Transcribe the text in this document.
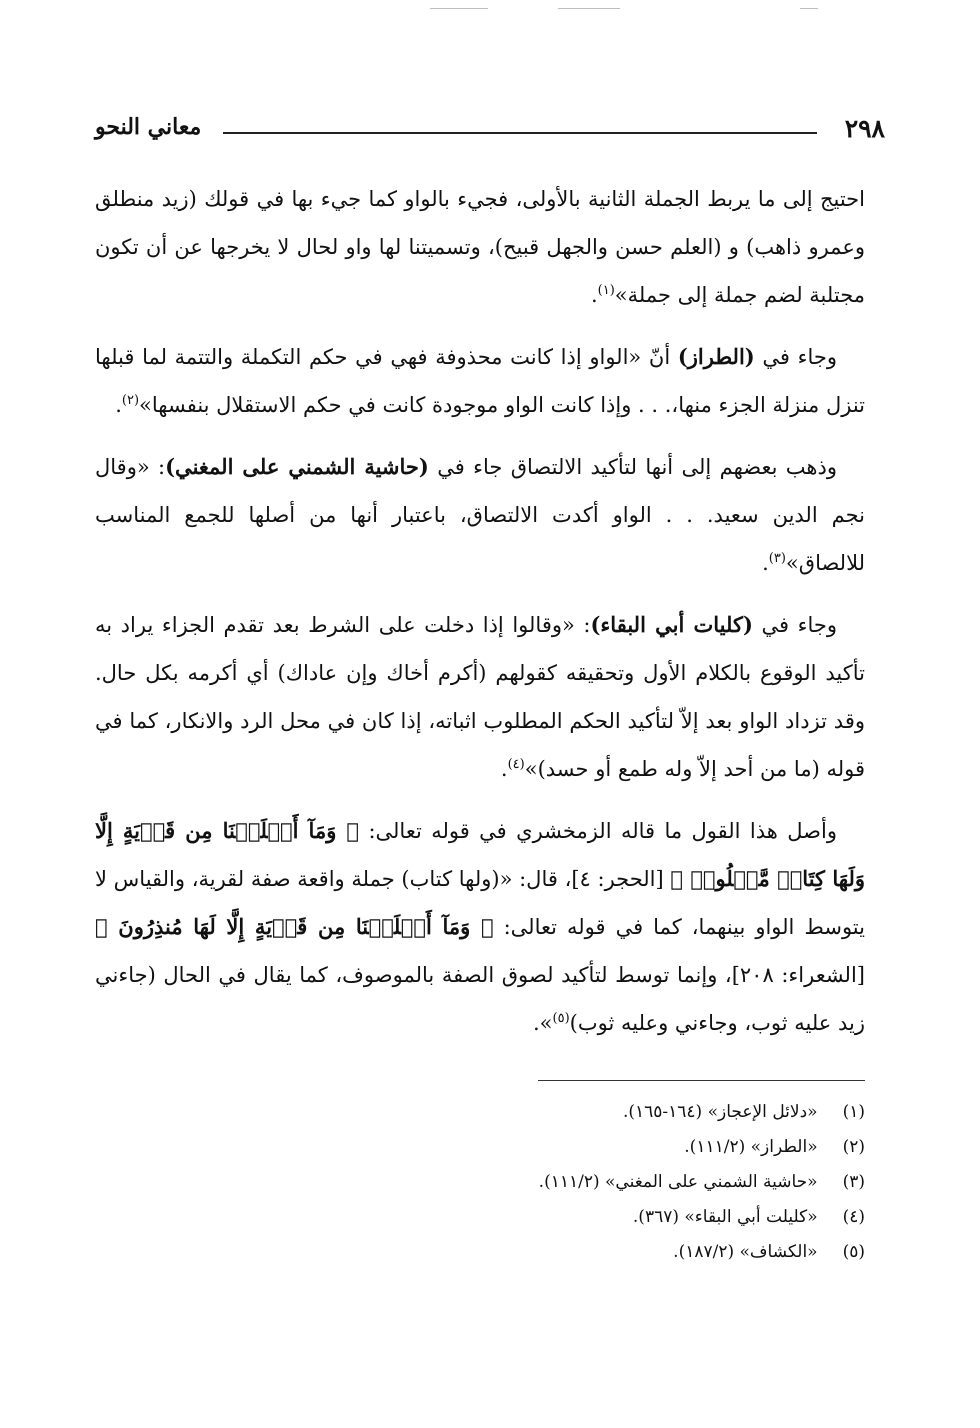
٢٩٨
معاني النحو

احتيج إلى ما يربط الجملة الثانية بالأولى، فجيء بالواو كما جيء بها في قولك (زيد منطلق وعمرو ذاهب) و (العلم حسن والجهل قبيح)، وتسميتنا لها واو لحال لا يخرجها عن أن تكون مجتلبة لضم جملة إلى جملة»$^{(١)}$.

وجاء في (الطراز) أنّ «الواو إذا كانت محذوفة فهي في حكم التكملة والتتمة لما قبلها تنزل منزلة الجزء منها،. . . وإذا كانت الواو موجودة كانت في حكم الاستقلال بنفسها»$^{(٢)}$.

وذهب بعضهم إلى أنها لتأكيد الالتصاق جاء في (حاشية الشمني على المغني): «وقال نجم الدين سعيد. . . الواو أكدت الالتصاق، باعتبار أنها من أصلها للجمع المناسب للالصاق»$^{(٣)}$.

وجاء في (كليات أبي البقاء): «وقالوا إذا دخلت على الشرط بعد تقدم الجزاء يراد به تأكيد الوقوع بالكلام الأول وتحقيقه كقولهم (أكرم أخاك وإن عاداك) أي أكرمه بكل حال. وقد تزداد الواو بعد إلاّ لتأكيد الحكم المطلوب اثباته، إذا كان في محل الرد والانكار، كما في قوله (ما من أحد إلاّ وله طمع أو حسد)»$^{(٤)}$.

وأصل هذا القول ما قاله الزمخشري في قوله تعالى: ﴿ وَمَآ أَهۡلَكۡنَا مِن قَرۡيَةٍ إِلَّا وَلَهَا كِتَابٞ مَّعۡلُومٞ ﴾ [الحجر: ٤]، قال: «(ولها كتاب) جملة واقعة صفة لقرية، والقياس لا يتوسط الواو بينهما، كما في قوله تعالى: ﴿ وَمَآ أَهۡلَكۡنَا مِن قَرۡيَةٍ إِلَّا لَهَا مُنذِرُونَ ﴾ [الشعراء: ٢٠٨]، وإنما توسط لتأكيد لصوق الصفة بالموصوف، كما يقال في الحال (جاءني زيد عليه ثوب، وجاءني وعليه ثوب)$^{(٥)}$».

(١) «دلائل الإعجاز» (١٦٤-١٦٥).
(٢) «الطراز» (١١١/٢).
(٣) «حاشية الشمني على المغني» (١١١/٢).
(٤) «كليلت أبي البقاء» (٣٦٧).
(٥) «الكشاف» (١٨٧/٢).
